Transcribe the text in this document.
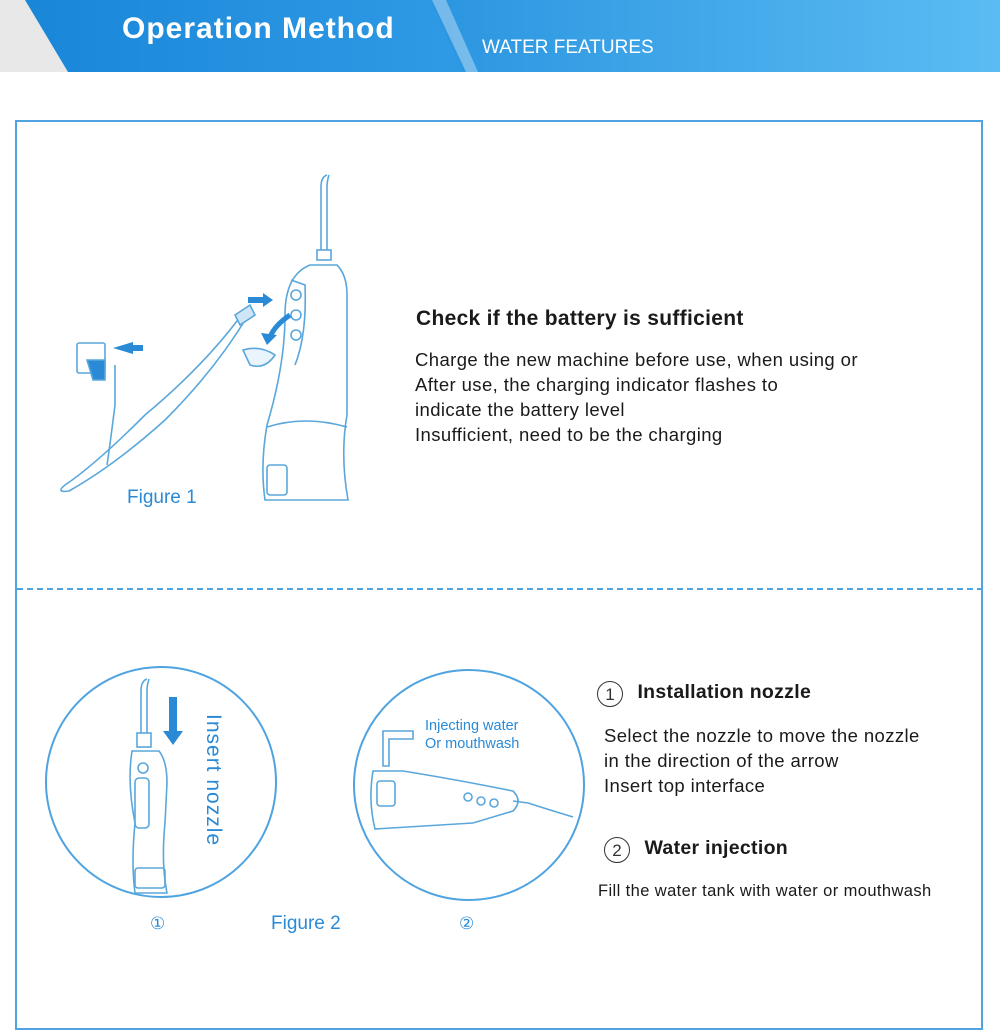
Operation Method
WATER FEATURES
Figure 1
Check if the battery is sufficient
Charge the new machine before use, when using or
After use, the charging indicator flashes to
indicate the battery level
Insufficient, need to be the charging
Insert nozzle
①
Injecting water
Or mouthwash
②
Figure 2
1 Installation nozzle
Select the nozzle to move the nozzle
in the direction of the arrow
Insert top interface
2 Water injection
Fill the water tank with water or mouthwash
